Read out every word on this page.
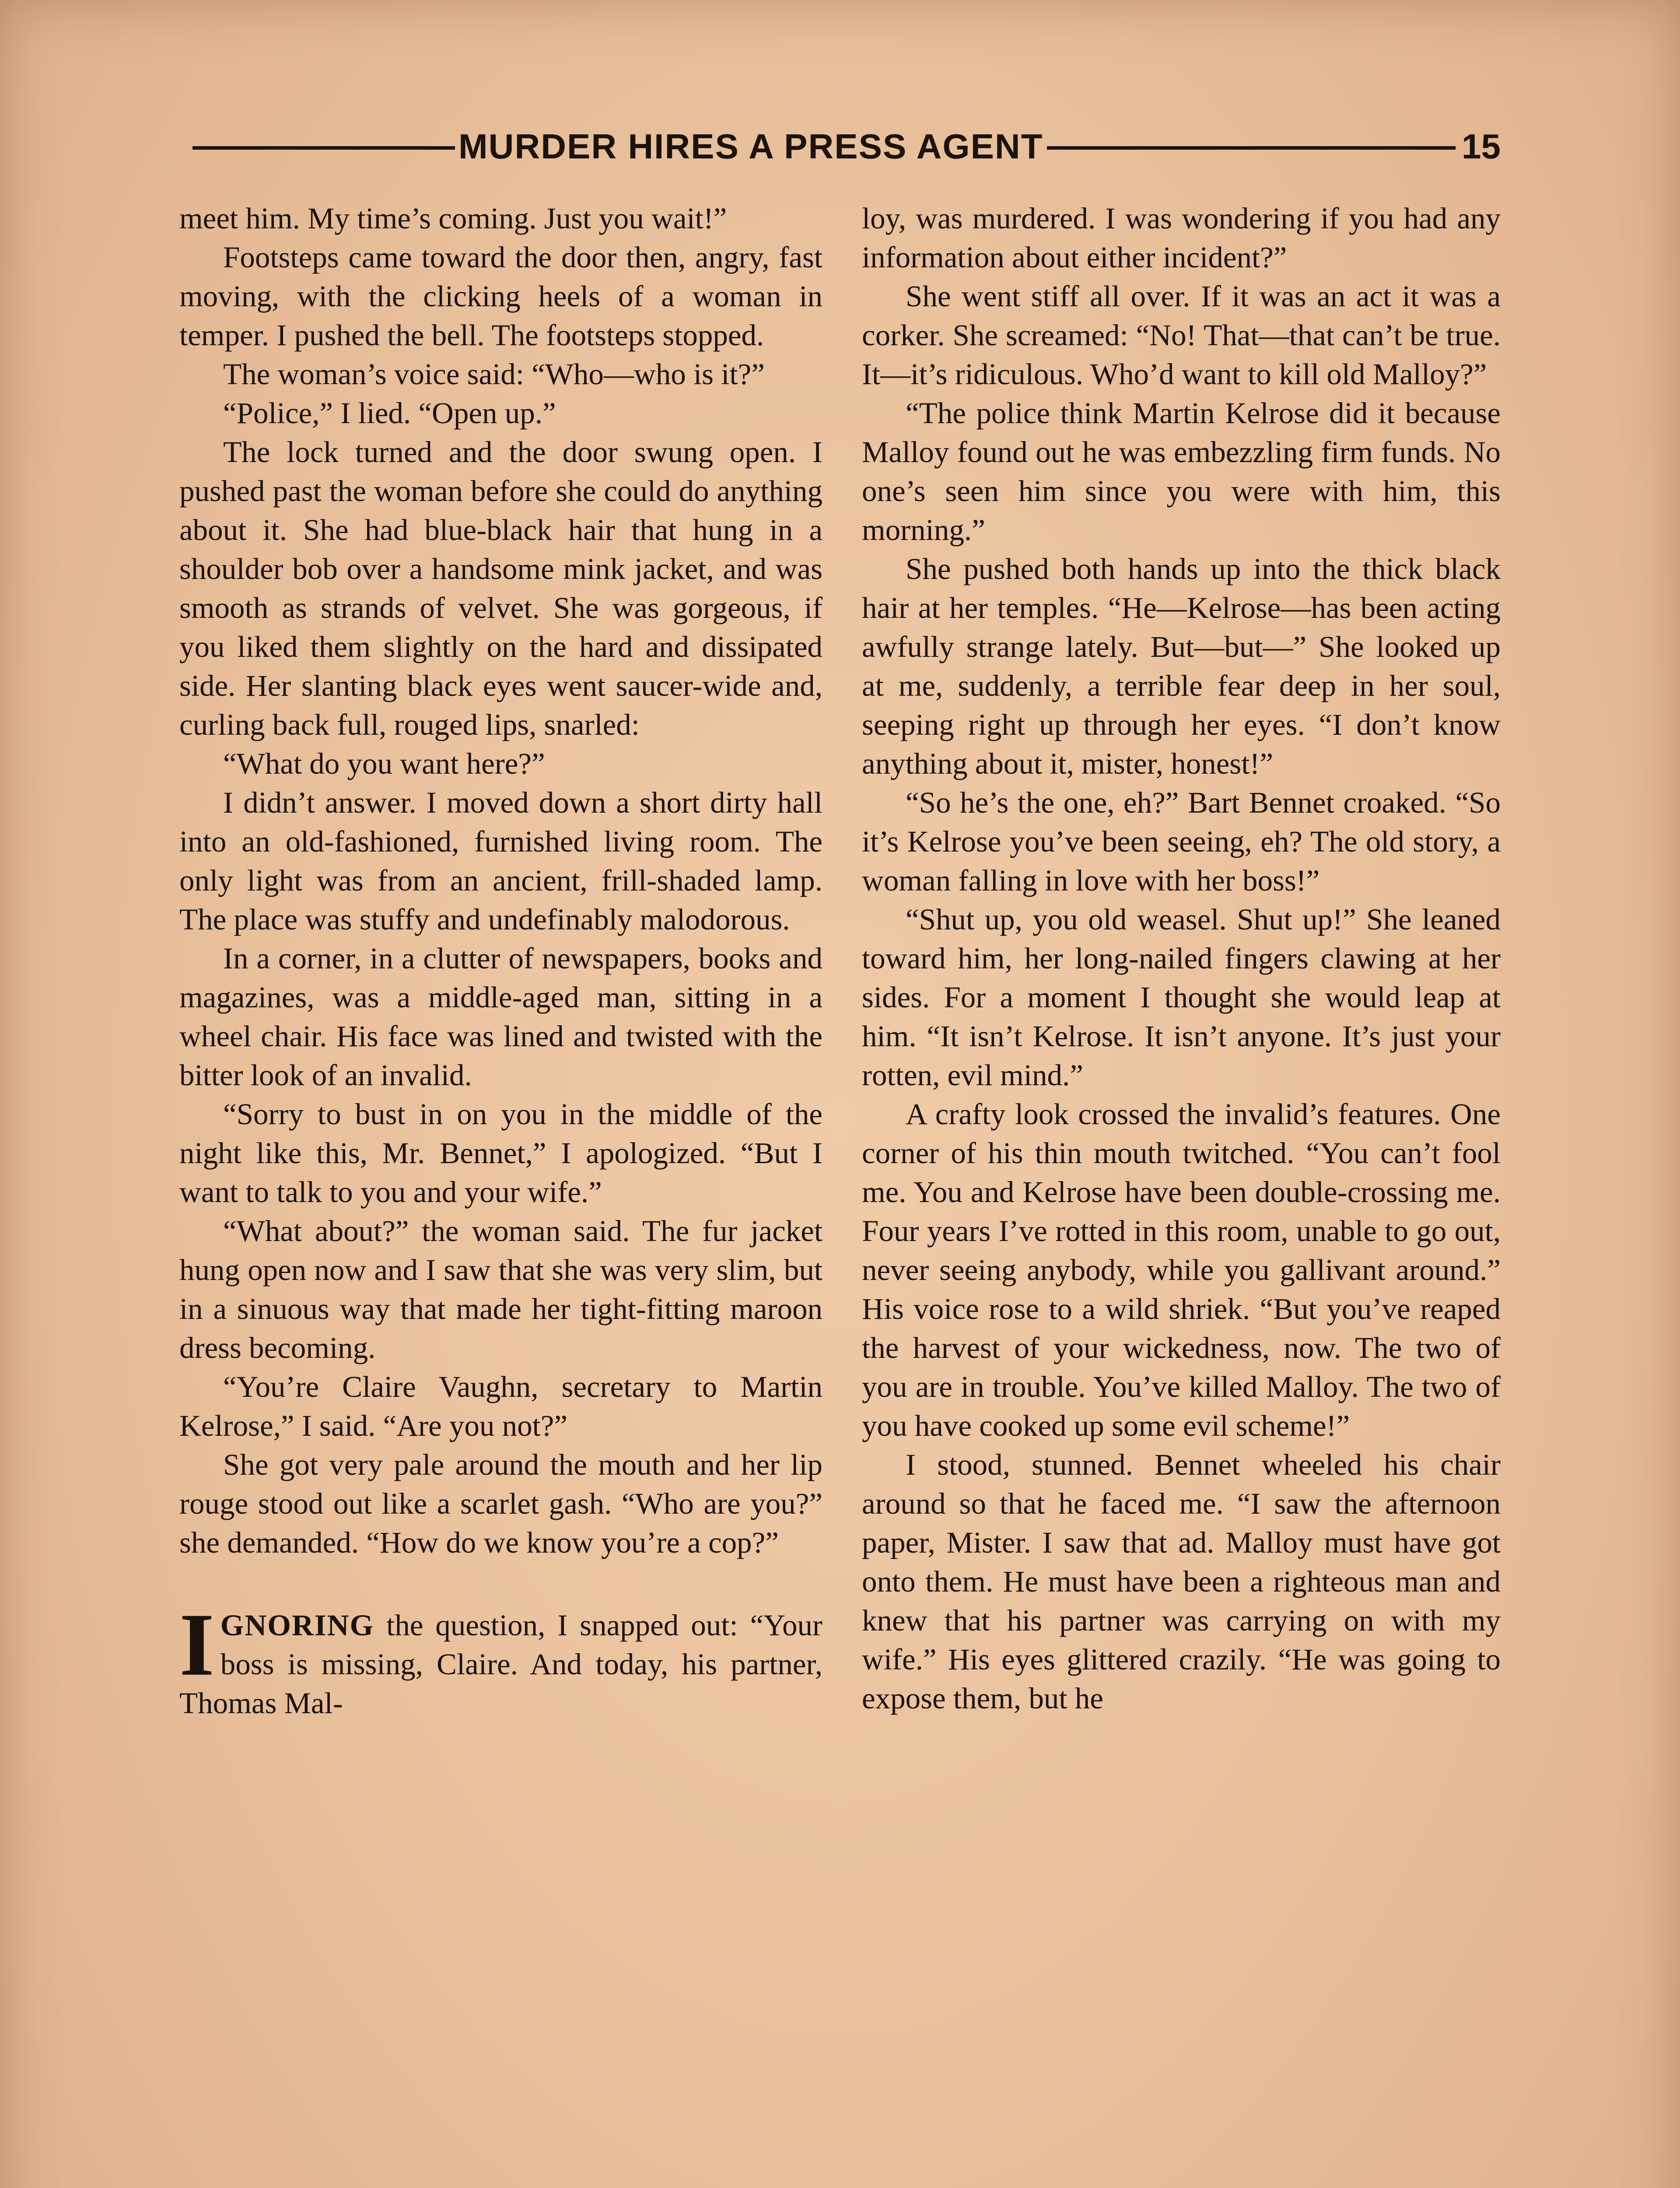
MURDER HIRES A PRESS AGENT	15

meet him. My time’s coming. Just you wait!”

Footsteps came toward the door then, angry, fast moving, with the clicking heels of a woman in temper. I pushed the bell. The footsteps stopped.

The woman’s voice said: “Who—who is it?”

“Police,” I lied. “Open up.”

The lock turned and the door swung open. I pushed past the woman before she could do anything about it. She had blue-black hair that hung in a shoulder bob over a handsome mink jacket, and was smooth as strands of velvet. She was gorgeous, if you liked them slightly on the hard and dissipated side. Her slanting black eyes went saucer-wide and, curling back full, rouged lips, snarled:

“What do you want here?”

I didn’t answer. I moved down a short dirty hall into an old-fashioned, furnished living room. The only light was from an ancient, frill-shaded lamp. The place was stuffy and undefinably malodorous.

In a corner, in a clutter of newspapers, books and magazines, was a middle-aged man, sitting in a wheel chair. His face was lined and twisted with the bitter look of an invalid.

“Sorry to bust in on you in the middle of the night like this, Mr. Bennet,” I apologized. “But I want to talk to you and your wife.”

“What about?” the woman said. The fur jacket hung open now and I saw that she was very slim, but in a sinuous way that made her tight-fitting maroon dress becoming.

“You’re Claire Vaughn, secretary to Martin Kelrose,” I said. “Are you not?”

She got very pale around the mouth and her lip rouge stood out like a scarlet gash. “Who are you?” she demanded. “How do we know you’re a cop?”

IGNORING the question, I snapped out: “Your boss is missing, Claire. And today, his partner, Thomas Mal-

loy, was murdered. I was wondering if you had any information about either incident?”

She went stiff all over. If it was an act it was a corker. She screamed: “No! That—that can’t be true. It—it’s ridiculous. Who’d want to kill old Malloy?”

“The police think Martin Kelrose did it because Malloy found out he was embezzling firm funds. No one’s seen him since you were with him, this morning.”

She pushed both hands up into the thick black hair at her temples. “He—Kelrose—has been acting awfully strange lately. But—but—” She looked up at me, suddenly, a terrible fear deep in her soul, seeping right up through her eyes. “I don’t know anything about it, mister, honest!”

“So he’s the one, eh?” Bart Bennet croaked. “So it’s Kelrose you’ve been seeing, eh? The old story, a woman falling in love with her boss!”

“Shut up, you old weasel. Shut up!” She leaned toward him, her long-nailed fingers clawing at her sides. For a moment I thought she would leap at him. “It isn’t Kelrose. It isn’t anyone. It’s just your rotten, evil mind.”

A crafty look crossed the invalid’s features. One corner of his thin mouth twitched. “You can’t fool me. You and Kelrose have been double-crossing me. Four years I’ve rotted in this room, unable to go out, never seeing anybody, while you gallivant around.” His voice rose to a wild shriek. “But you’ve reaped the harvest of your wickedness, now. The two of you are in trouble. You’ve killed Malloy. The two of you have cooked up some evil scheme!”

I stood, stunned. Bennet wheeled his chair around so that he faced me. “I saw the afternoon paper, Mister. I saw that ad. Malloy must have got onto them. He must have been a righteous man and knew that his partner was carrying on with my wife.” His eyes glittered crazily. “He was going to expose them, but he
